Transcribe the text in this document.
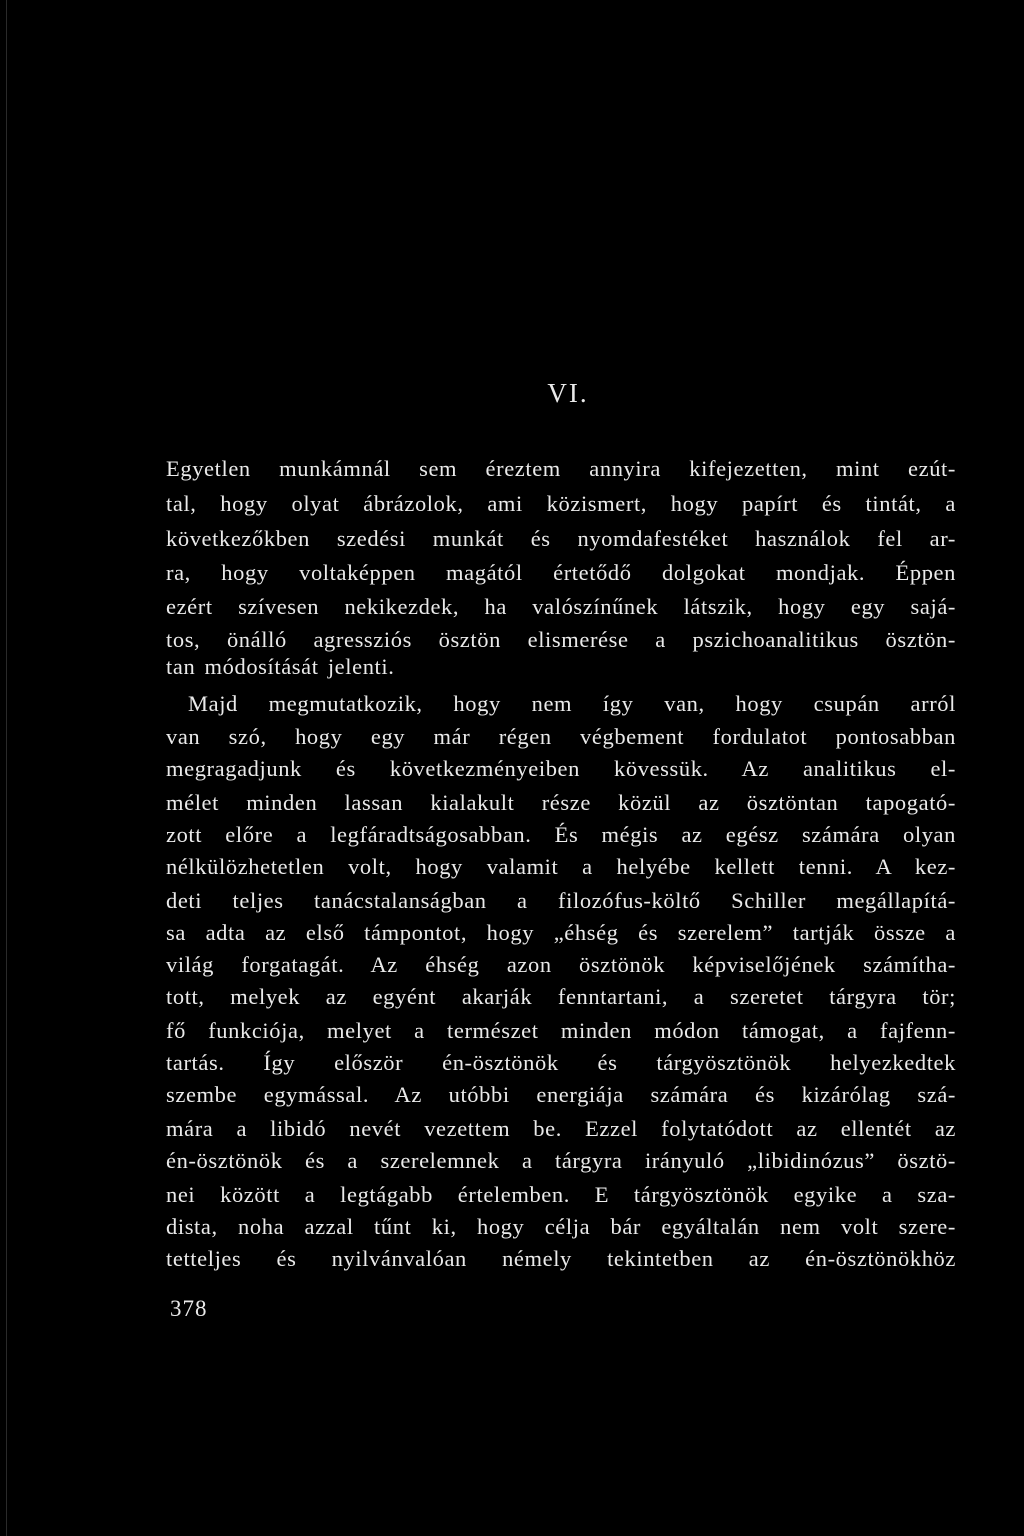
VI.
Egyetlen munkámnál sem éreztem annyira kifejezetten, mint ezút-
tal, hogy olyat ábrázolok, ami közismert, hogy papírt és tintát, a
következőkben szedési munkát és nyomdafestéket használok fel ar-
ra, hogy voltaképpen magától értetődő dolgokat mondjak. Éppen
ezért szívesen nekikezdek, ha valószínűnek látszik, hogy egy sajá-
tos, önálló agressziós ösztön elismerése a pszichoanalitikus ösztön-
tan módosítását jelenti.
Majd megmutatkozik, hogy nem így van, hogy csupán arról
van szó, hogy egy már régen végbement fordulatot pontosabban
megragadjunk és következményeiben kövessük. Az analitikus el-
mélet minden lassan kialakult része közül az ösztöntan tapogató-
zott előre a legfáradtságosabban. És mégis az egész számára olyan
nélkülözhetetlen volt, hogy valamit a helyébe kellett tenni. A kez-
deti teljes tanácstalanságban a filozófus-költő Schiller megállapítá-
sa adta az első támpontot, hogy „éhség és szerelem” tartják össze a
világ forgatagát. Az éhség azon ösztönök képviselőjének számítha-
tott, melyek az egyént akarják fenntartani, a szeretet tárgyra tör;
fő funkciója, melyet a természet minden módon támogat, a fajfenn-
tartás. Így először én-ösztönök és tárgyösztönök helyezkedtek
szembe egymással. Az utóbbi energiája számára és kizárólag szá-
mára a libidó nevét vezettem be. Ezzel folytatódott az ellentét az
én-ösztönök és a szerelemnek a tárgyra irányuló „libidinózus” ösztö-
nei között a legtágabb értelemben. E tárgyösztönök egyike a sza-
dista, noha azzal tűnt ki, hogy célja bár egyáltalán nem volt szere-
tetteljes és nyilvánvalóan némely tekintetben az én-ösztönökhöz
378
